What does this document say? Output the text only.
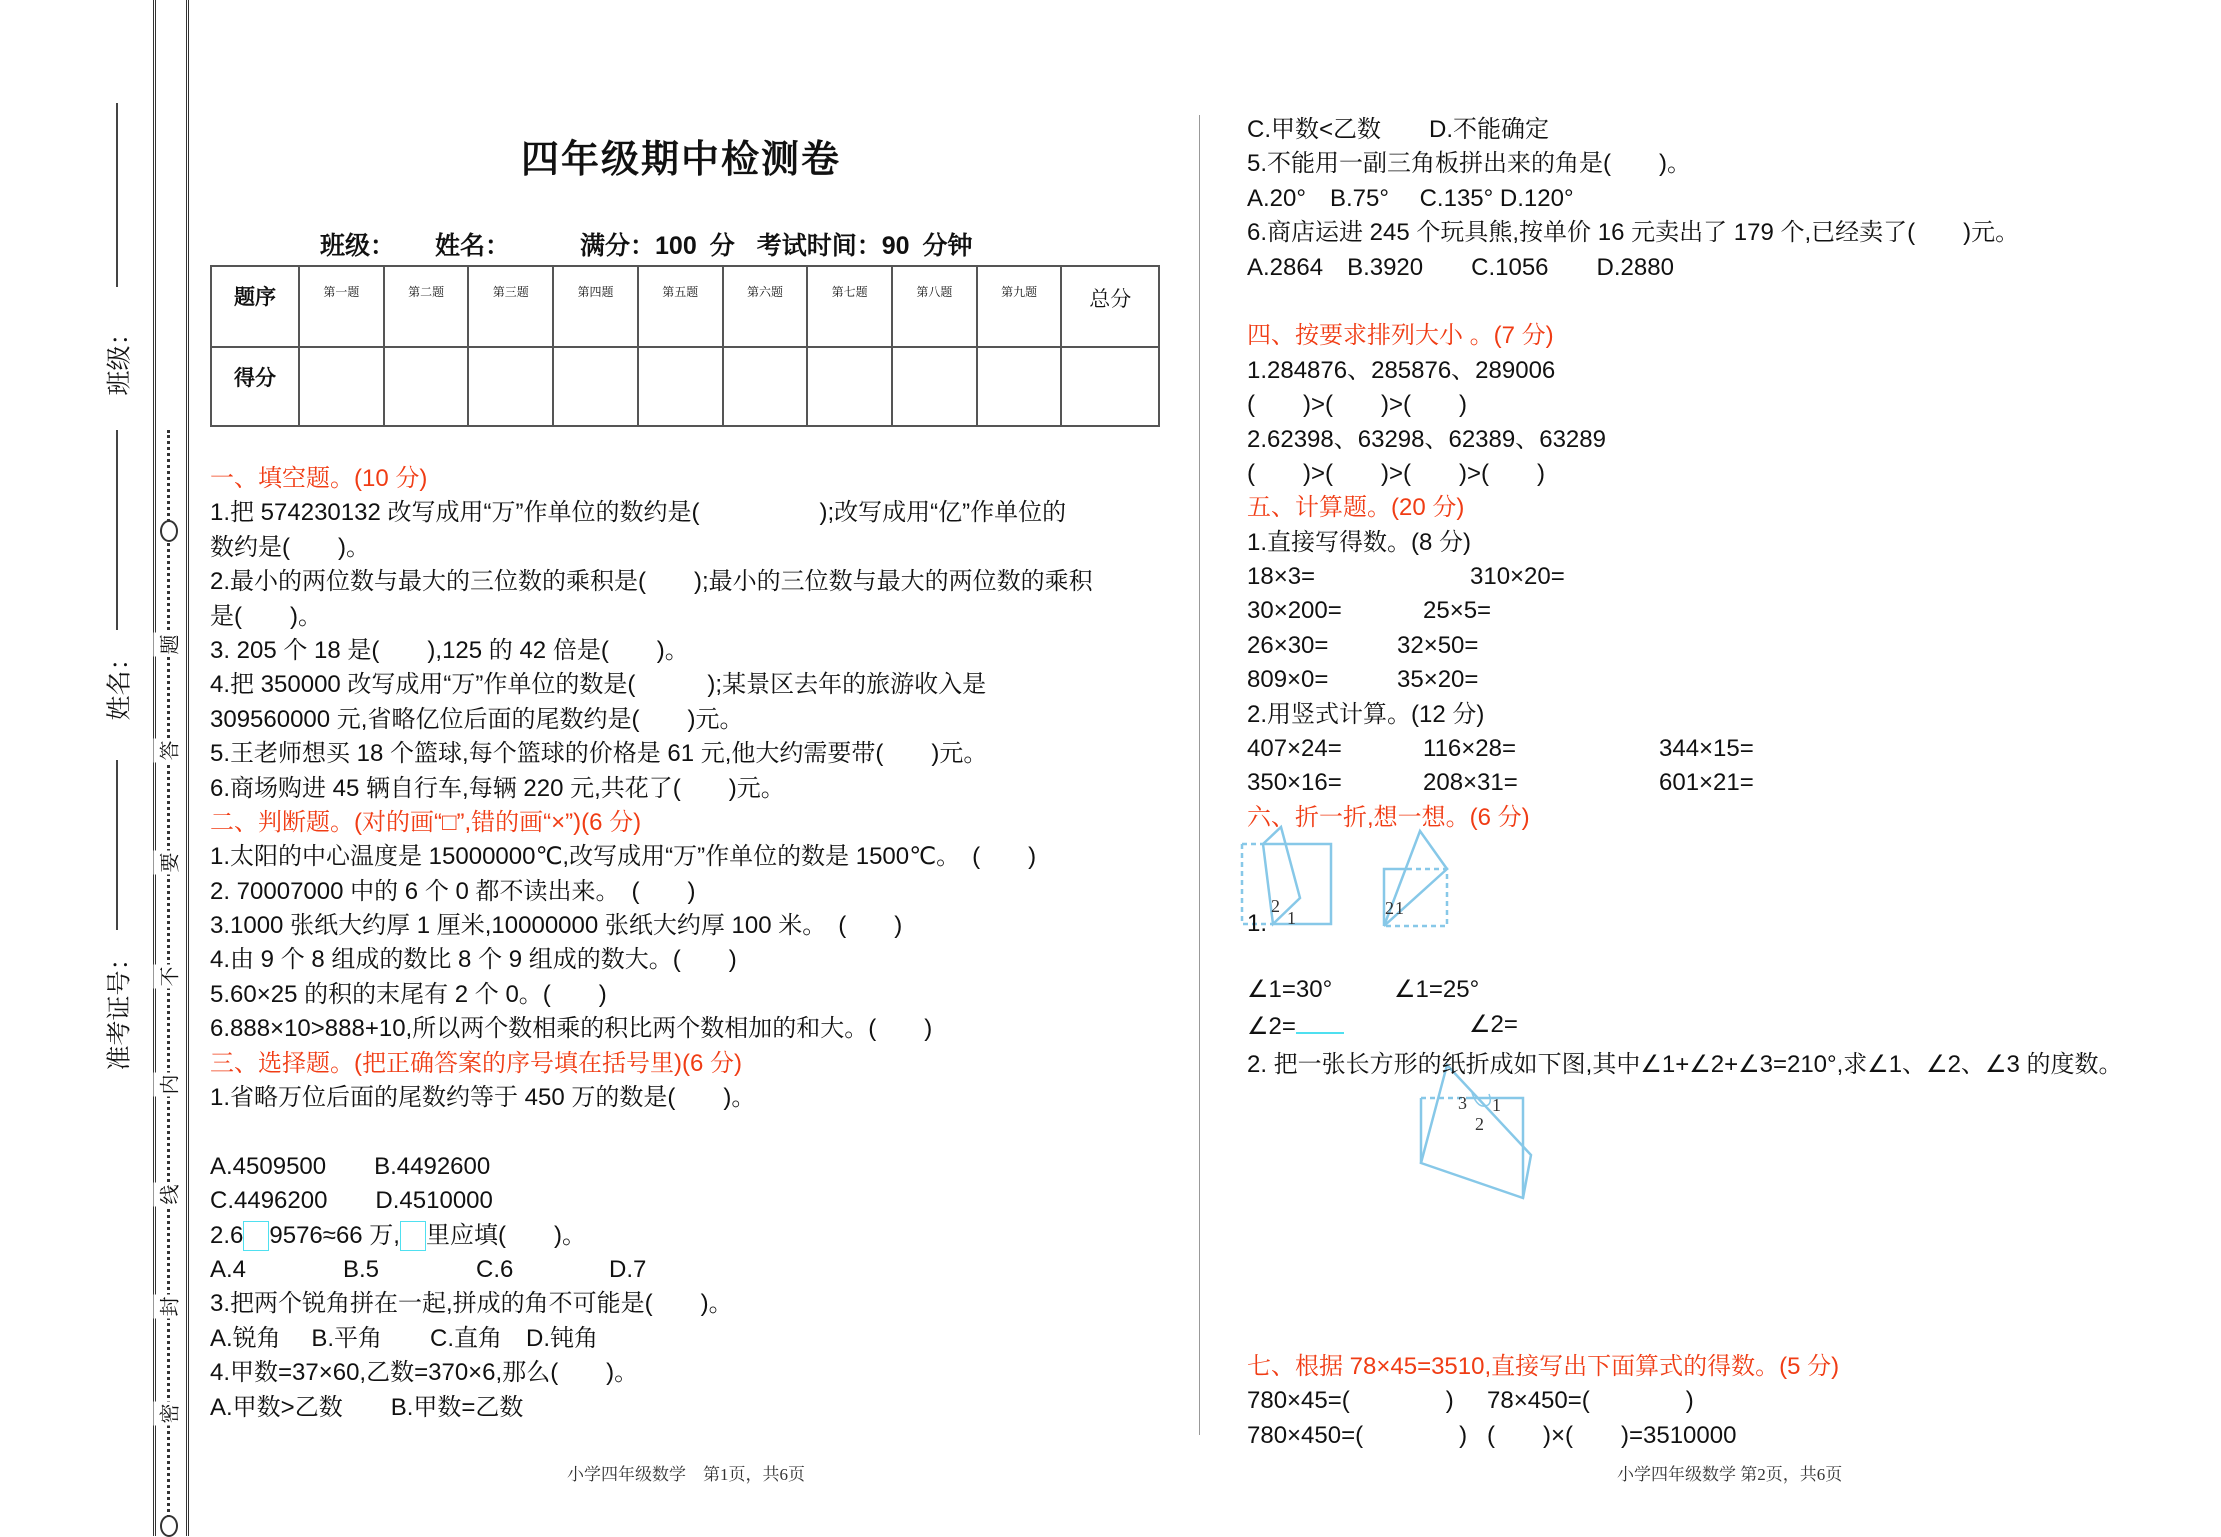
题
答
要
不
内
线
封
密
班级：
姓名：
准考证号：
四年级期中检测卷
班级： 姓名：	满分：100 分 考试时间：90 分钟
题序	第一题	第二题	第三题	第四题	第五题	第六题	第七题	第八题	第九题	总分
得分										
一、填空题。(10 分)
1.把 574230132 改写成用“万”作单位的数约是(　　　　　);改写成用“亿”作单位的
数约是(　　)。
2.最小的两位数与最大的三位数的乘积是(　　);最小的三位数与最大的两位数的乘积
是(　　)。
3. 205 个 18 是(　　),125 的 42 倍是(　　)。
4.把 350000 改写成用“万”作单位的数是(　　　);某景区去年的旅游收入是
309560000 元,省略亿位后面的尾数约是(　　)元。
5.王老师想买 18 个篮球,每个篮球的价格是 61 元,他大约需要带(　　)元。
6.商场购进 45 辆自行车,每辆 220 元,共花了(　　)元。
二、判断题。(对的画“□”,错的画“×”)(6 分)
1.太阳的中心温度是 15000000℃,改写成用“万”作单位的数是 1500℃。　(　　)
2. 70007000 中的 6 个 0 都不读出来。　(　　)
3.1000 张纸大约厚 1 厘米,10000000 张纸大约厚 100 米。　(　　)
4.由 9 个 8 组成的数比 8 个 9 组成的数大。(　　)
5.60×25 的积的末尾有 2 个 0。(　　)
6.888×10>888+10,所以两个数相乘的积比两个数相加的和大。(　　)
三、选择题。(把正确答案的序号填在括号里)(6 分)
1.省略万位后面的尾数约等于 450 万的数是(　　)。
A.4509500　　B.4492600
C.4496200　　D.4510000
2.6 9576≈66 万, 里应填(　　)。
A.4	B.5	C.6	D.7
3.把两个锐角拼在一起,拼成的角不可能是(　　)。
A.锐角　 B.平角　　C.直角　D.钝角
4.甲数=37×60,乙数=370×6,那么(　　)。
A.甲数>乙数　　B.甲数=乙数
小学四年级数学　第1页，共6页
C.甲数<乙数　　D.不能确定
5.不能用一副三角板拼出来的角是(　　)。
A.20°　B.75°　 C.135° D.120°
6.商店运进 245 个玩具熊,按单价 16 元卖出了 179 个,已经卖了(　　)元。
A.2864　B.3920　　C.1056　　D.2880
四、按要求排列大小 。(7 分)
1.284876、285876、289006
(　　)>(　　)>(　　)
2.62398、63298、62389、63289
(　　)>(　　)>(　　)>(　　)
五、计算题。(20 分)
1.直接写得数。(8 分)
18×3=	310×20=
30×200=	25×5=
26×30=	32×50=
809×0=	35×20=
2.用竖式计算。(12 分)
407×24=	116×28=	344×15=
350×16=	208×31=	601×21=
六、折一折,想一想。(6 分)
2
1	2 1
3 1
2
1.
∠1=30°	∠1=25°
∠2=	∠2=
2. 把一张长方形的纸折成如下图,其中∠1+∠2+∠3=210°,求∠1、∠2、∠3 的度数。
七、根据 78×45=3510,直接写出下面算式的得数。(5 分)
780×45=(　　　　) 78×450=(　　　　)
780×450=(　　　　) (　　)×(　　)=3510000
小学四年级数学 第2页，共6页
